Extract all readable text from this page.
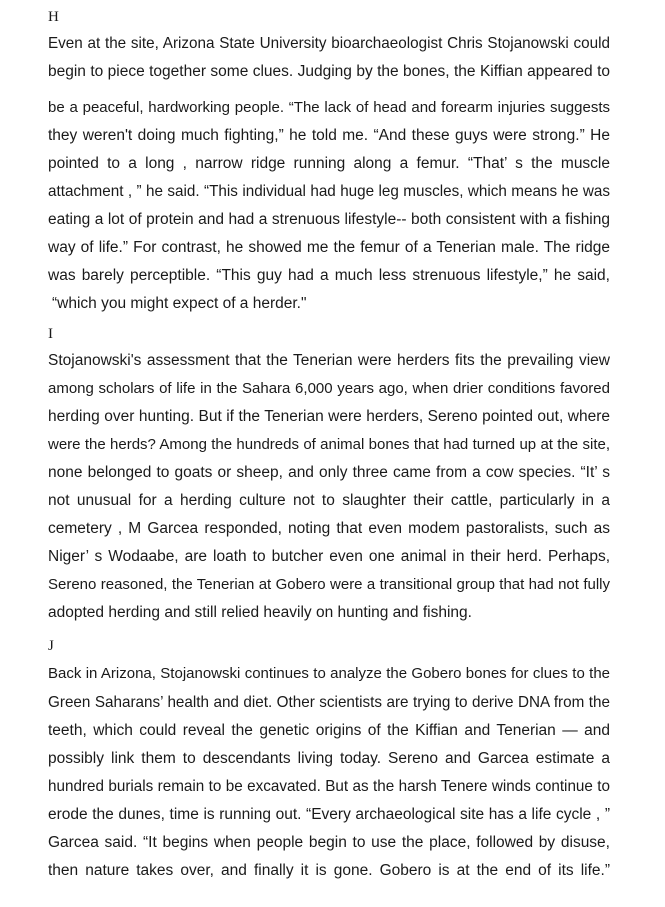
H

Even at the site, Arizona State University bioarchaeologist Chris Stojanowski could

begin to piece together some clues. Judging by the bones, the Kiffian appeared to

be a peaceful, hardworking people. “The lack of head and forearm injuries suggests

they weren't doing much fighting,” he told me. “And these guys were strong.” He

pointed to a long , narrow ridge running along a femur. “That’ s the muscle

attachment , ” he said. “This individual had huge leg muscles, which means he was

eating a lot of protein and had a strenuous lifestyle-- both consistent with a fishing

way of life.” For contrast, he showed me the femur of a Tenerian male. The ridge

was barely perceptible. “This guy had a much less strenuous lifestyle,” he said,

“which you might expect of a herder."

I

Stojanowski's assessment that the Tenerian were herders fits the prevailing view

among scholars of life in the Sahara 6,000 years ago, when drier conditions favored

herding over hunting. But if the Tenerian were herders, Sereno pointed out, where

were the herds? Among the hundreds of animal bones that had turned up at the site,

none belonged to goats or sheep, and only three came from a cow species. “It’ s

not unusual for a herding culture not to slaughter their cattle, particularly in a

cemetery , M Garcea responded, noting that even modem pastoralists, such as

Niger’ s Wodaabe, are loath to butcher even one animal in their herd. Perhaps,

Sereno reasoned, the Tenerian at Gobero were a transitional group that had not fully

adopted herding and still relied heavily on hunting and fishing.

J

Back in Arizona, Stojanowski continues to analyze the Gobero bones for clues to the

Green Saharans’ health and diet. Other scientists are trying to derive DNA from the

teeth, which could reveal the genetic origins of the Kiffian and Tenerian — and

possibly link them to descendants living today. Sereno and Garcea estimate a

hundred burials remain to be excavated. But as the harsh Tenere winds continue to

erode the dunes, time is running out. “Every archaeological site has a life cycle , ”

Garcea said. “It begins when people begin to use the place, followed by disuse,

then nature takes over, and finally it is gone. Gobero is at the end of its life.”
